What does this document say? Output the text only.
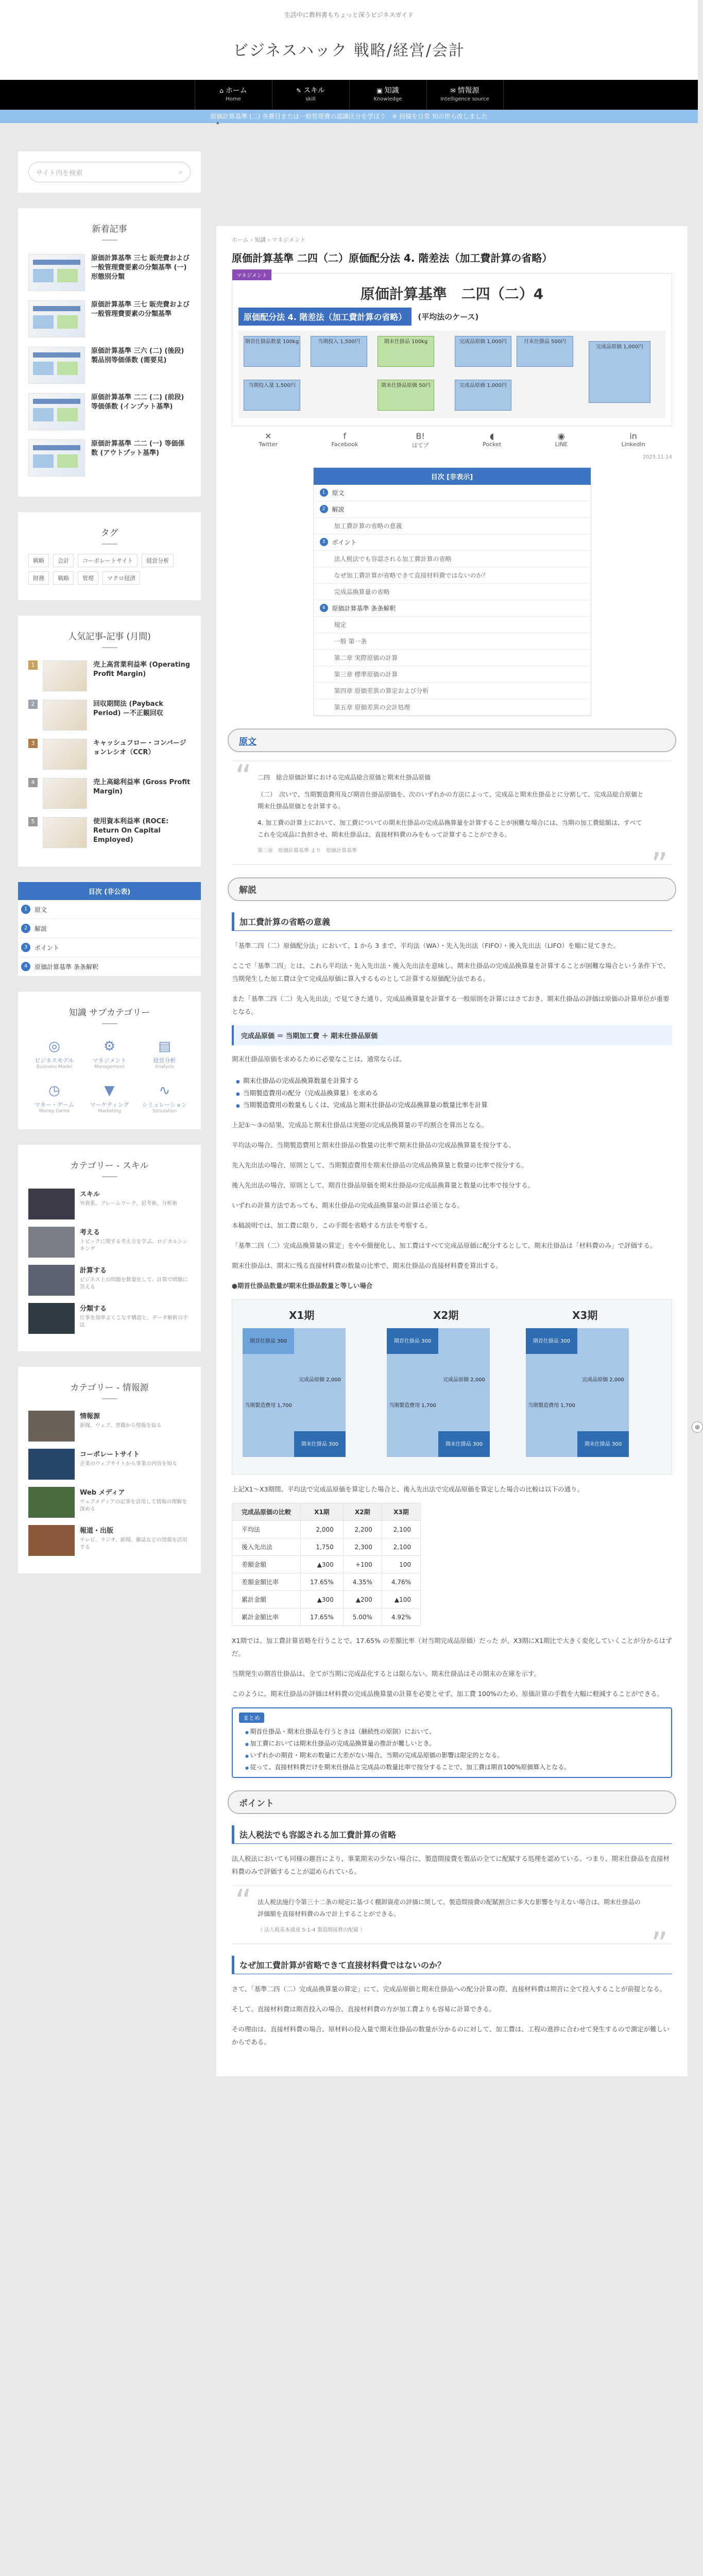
生活中に教科書もちょっと深うビジネスガイド
ビジネスハック 戦略/経営/会計
⌂ ホーム
Home
✎ スキル
skill
▣ 知識
Knowledge
✉ 情報源
Intelligence source
原価計算基準 (二) 各費目または一般管理費の認識区分を学ぼう　※ 投稿を日常 知の世ら改しました
サイト内を検索	⌕
新着記事
原価計算基準 三七 販売費および一般管理費要素の分類基準 (一) 形態別分類
原価計算基準 三七 販売費および一般管理費要素の分類基準
原価計算基準 三六 (二) (後段)製品別等価係数 (需要見)
原価計算基準 二二 (二) (前段)等価係数 (インプット基準)
原価計算基準 二二 (一) 等価係数 (アウトプット基準)
タグ
戦略	会計	コーポレートサイト	経営分析
財務	戦略	管理	マクロ経済
人気記事-記事 (月間)
1	売上高営業利益率 (Operating Profit Margin)
2	回収期間法 (Payback Period) ー不正観回収
3	キャッシュフロー・コンバージョンレシオ（CCR）
4	売上高総利益率 (Gross Profit Margin)
5	使用資本利益率 (ROCE: Return On Capital Employed)
目次 (非公表)
1	原文
2	解説
3	ポイント
4	原価計算基準 条条解釈
知識 サブカテゴリー
◎
ビジネスモデル
Business Model
⚙
マネジメント
Management
▤
経営分析
Analysis
◷
マネー・ゲーム
Money Game
▼
マーケティング
Marketing
∿
シミュレーション
Simulation
カテゴリー - スキル
スキル
外資系、フレームワーク、思考術、分析術
考える
トピックに関する考え方を学ぶ、ロジカルシンキング
計算する
ビジネス上の問題を数量化して、計算で問題に答える
分類する
仕事を効率よくこなす構造と、データ解析の手法
カテゴリー - 情報源
情報源
新聞、ウェブ、書籍から情報を取る
コーポレートサイト
企業のウェブサイトから事業の内容を知る
Web メディア
ウェブメディアの記事を活用して情報の理解を深める
報道・出版
テレビ、ラジオ、新聞、雑誌などの情報を活用する
▴
ホーム › 知識 › マネジメント
原価計算基準 二四（二）原価配分法 4. 階差法（加工費計算の省略）
マネジメント
原価計算基準　二四（二）4
原価配分法 4. 階差法（加工費計算の省略）	(平均法のケース)
期首仕掛品数量 100kg	当期投入 1,500円	期末仕掛品 100kg	完成品原価 1,000円	月末仕掛品 500円
当期投入量 1,500円	期末仕掛品原価 50円	完成品原価 1,000円
完成品原価 1,000円
✕
Twitter
f
Facebook
B!
はてブ
◖
Pocket
◉
LINE
in
LinkedIn
2025.11.14
目次 [非表示]
1	原文
2	解説
加工費計算の省略の意義
3	ポイント
法人税法でも容認される加工費計算の省略
なぜ加工費計算が省略できて直接材料費ではないのか？
完成品換算量の省略
4	原価計算基準 条条解釈
規定
一般 第一条
第二章 実際原価の計算
第三章 標準原価の計算
第四章 原価差異の算定および分析
第五章 原価差異の会計処理
原文

“ 二四　総合原価計算における完成品総合原価と期末仕掛品原価

（二）　次いで、当期製造費用及び期首仕掛品原価を、次のいずれかの方法によって、完成品と期末仕掛品とに分割して、完成品総合原価と期末仕掛品原価とを計算する。

4. 加工費の計算上において、加工費についての期末仕掛品の完成品換算量を計算することが困難な場合には、当期の加工費総額は、すべてこれを完成品に負担させ、期末仕掛品は、直接材料費のみをもって計算することができる。

第三章　原価計算基準 より　原価計算基準
”
解説
加工費計算の省略の意義

「基準二四（二）原価配分法」において、1 から 3 まで、平均法（WA）・先入先出法（FIFO）・後入先出法（LIFO）を順に見てきた。

ここで「基準二四」とは、これら平均法・先入先出法・後入先出法を意味し、期末仕掛品の完成品換算量を計算することが困難な場合という条件下で、当期発生した加工費は全て完成品原価に算入するものとして計算する原価配分法である。

また「基準二四（二）先入先出法」で見てきた通り、完成品換算量を計算する一般原則を計算にはさておき、期末仕掛品の評価は原価の計算単位が重要となる。

完成品原価 ＝ 当期加工費 ＋ 期末仕掛品原価

期末仕掛品原価を求めるために必要なことは、通常ならば、

● 期末仕掛品の完成品換算数量を計算する
● 当期製造費用の配分（完成品換算量）を求める
● 当期製造費用の数量もしくは、完成品と期末仕掛品の完成品換算量の数量比率を計算

上記①〜③の結果、完成品と期末仕掛品は実態の完成品換算量の平均割合を算出となる。

平均法の場合、当期製造費用と期末仕掛品の数量の比率で期末仕掛品の完成品換算量を按分する。

先入先出法の場合、原則として、当期製造費用を期末仕掛品の完成品換算量と数量の比率で按分する。

後入先出法の場合、原則として、期首仕掛品原価を期末仕掛品の完成品換算量と数量の比率で按分する。

いずれの計算方法であっても、期末仕掛品の完成品換算量の計算は必須となる。

本稿説明では、加工費に限り、この手間を省略する方法を考察する。

「基準二四（二）完成品換算量の算定」をやや簡便化し、加工費はすべて完成品原価に配分するとして、期末仕掛品は「材料費のみ」で評価する。

期末仕掛品は、期末に残る直接材料費の数量の比率で、期末仕掛品の直接材料費を算出する。

●期首仕掛品数量が期末仕掛品数量と等しい場合

X1期	X2期	X3期
期首仕掛品 300
当期製造費用 1,700
完成品原価 2,000
期末仕掛品 300
期首仕掛品 300
当期製造費用 1,700
完成品原価 2,000
期末仕掛品 300
期首仕掛品 300
当期製造費用 1,700
完成品原価 2,000
期末仕掛品 300

上記X1〜X3期間、平均法で完成品原価を算定した場合と、後入先出法で完成品原価を算定した場合の比較は以下の通り。

完成品原価の比較	X1期	X2期	X3期
平均法	2,000	2,200	2,100
後入先出法	1,750	2,300	2,100
差額金額	▲300	+100	100
差額金額比率	17.65%	4.35%	4.76%
累計金額	▲300	▲200	▲100
累計金額比率	17.65%	5.00%	4.92%

X1期では、加工費計算省略を行うことで、17.65% の差額比率（対当期完成品原価）だった が、X3期にX1期比で大きく変化していくことが分かるはずだ。

当期発生の期首仕掛品は、全てが当期に完成品化するとは限らない。期末仕掛品はその期末の在庫を示す。

このように、期末仕掛品の評価は材料費の完成品換算量の計算を必要とせず、加工費 100%のため、原価計算の手数を大幅に軽減することができる。

まとめ
● 期首仕掛品・期末仕掛品を行うときは（継続性の原則）において、
● 加工費においては期末仕掛品の完成品換算量の推計が難しいとき。
● いずれかの期首・期末の数量に大差がない場合、当期の完成品原価の影響は限定的となる。
● 従って、直接材料費だけを期末仕掛品と完成品の数量比率で按分することで、加工費は期首100%原価算入となる。
ポイント
法人税法でも容認される加工費計算の省略

法人税法においても同様の趣旨により、事業期末の少ない場合に、製造間接費を製品の全てに配賦する処理を認めている。つまり、期末仕掛品を直接材料費のみで評価することが認められている。

“ 法人税法施行令第三十二条の規定に基づく棚卸資産の評価に関して、製造間接費の配賦割合に多大な影響を与えない場合は、期末仕掛品の評価額を直接材料費のみで計上することができる。

（ 法人税基本通達 5-1-4 製造間接費の配賦 ）
”
なぜ加工費計算が省略できて直接材料費ではないのか？

さて、「基準二四（二）完成品換算量の算定」にて、完成品原価と期末仕掛品への配分計算の際、直接材料費は期首に全て投入することが前提となる。

そして、直接材料費は期首投入の場合、直接材料費の方が加工費よりも容易に計算できる。

その理由は、直接材料費の場合、原材料の投入量で期末仕掛品の数量が分かるのに対して、加工費は、工程の進捗に合わせて発生するので測定が難しいからである。

⊕
